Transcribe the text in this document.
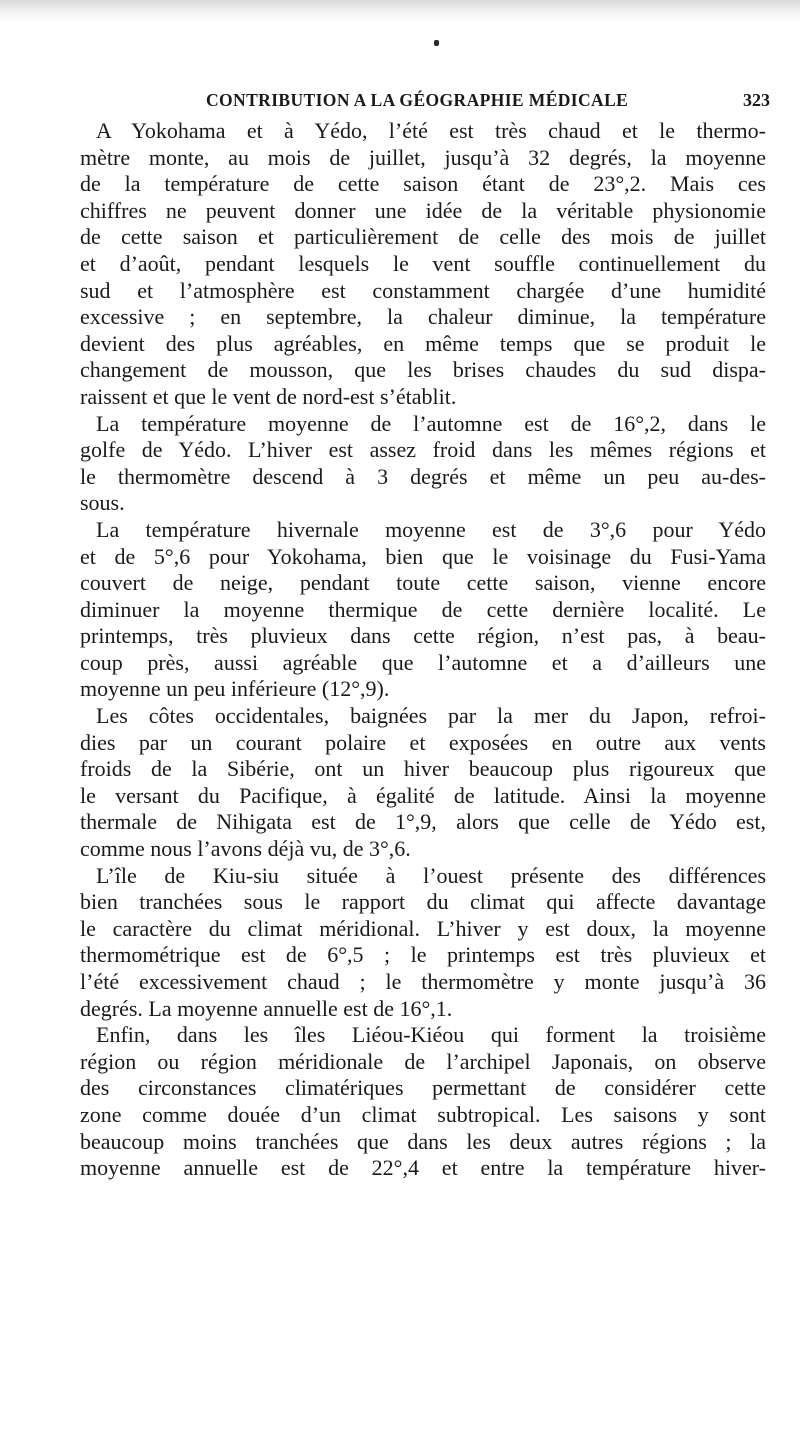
CONTRIBUTION A LA GÉOGRAPHIE MÉDICALE	323
A Yokohama et à Yédo, l’été est très chaud et le thermo-
mètre monte, au mois de juillet, jusqu’à 32 degrés, la moyenne
de la température de cette saison étant de 23°,2. Mais ces
chiffres ne peuvent donner une idée de la véritable physionomie
de cette saison et particulièrement de celle des mois de juillet
et d’août, pendant lesquels le vent souffle continuellement du
sud et l’atmosphère est constamment chargée d’une humidité
excessive ; en septembre, la chaleur diminue, la température
devient des plus agréables, en même temps que se produit le
changement de mousson, que les brises chaudes du sud dispa-
raissent et que le vent de nord-est s’établit.
La température moyenne de l’automne est de 16°,2, dans le
golfe de Yédo. L’hiver est assez froid dans les mêmes régions et
le thermomètre descend à 3 degrés et même un peu au-des-
sous.
La température hivernale moyenne est de 3°,6 pour Yédo
et de 5°,6 pour Yokohama, bien que le voisinage du Fusi-Yama
couvert de neige, pendant toute cette saison, vienne encore
diminuer la moyenne thermique de cette dernière localité. Le
printemps, très pluvieux dans cette région, n’est pas, à beau-
coup près, aussi agréable que l’automne et a d’ailleurs une
moyenne un peu inférieure (12°,9).
Les côtes occidentales, baignées par la mer du Japon, refroi-
dies par un courant polaire et exposées en outre aux vents
froids de la Sibérie, ont un hiver beaucoup plus rigoureux que
le versant du Pacifique, à égalité de latitude. Ainsi la moyenne
thermale de Nihigata est de 1°,9, alors que celle de Yédo est,
comme nous l’avons déjà vu, de 3°,6.
L’île de Kiu-siu située à l’ouest présente des différences
bien tranchées sous le rapport du climat qui affecte davantage
le caractère du climat méridional. L’hiver y est doux, la moyenne
thermométrique est de 6°,5 ; le printemps est très pluvieux et
l’été excessivement chaud ; le thermomètre y monte jusqu’à 36
degrés. La moyenne annuelle est de 16°,1.
Enfin, dans les îles Liéou-Kiéou qui forment la troisième
région ou région méridionale de l’archipel Japonais, on observe
des circonstances climatériques permettant de considérer cette
zone comme douée d’un climat subtropical. Les saisons y sont
beaucoup moins tranchées que dans les deux autres régions ; la
moyenne annuelle est de 22°,4 et entre la température hiver-
